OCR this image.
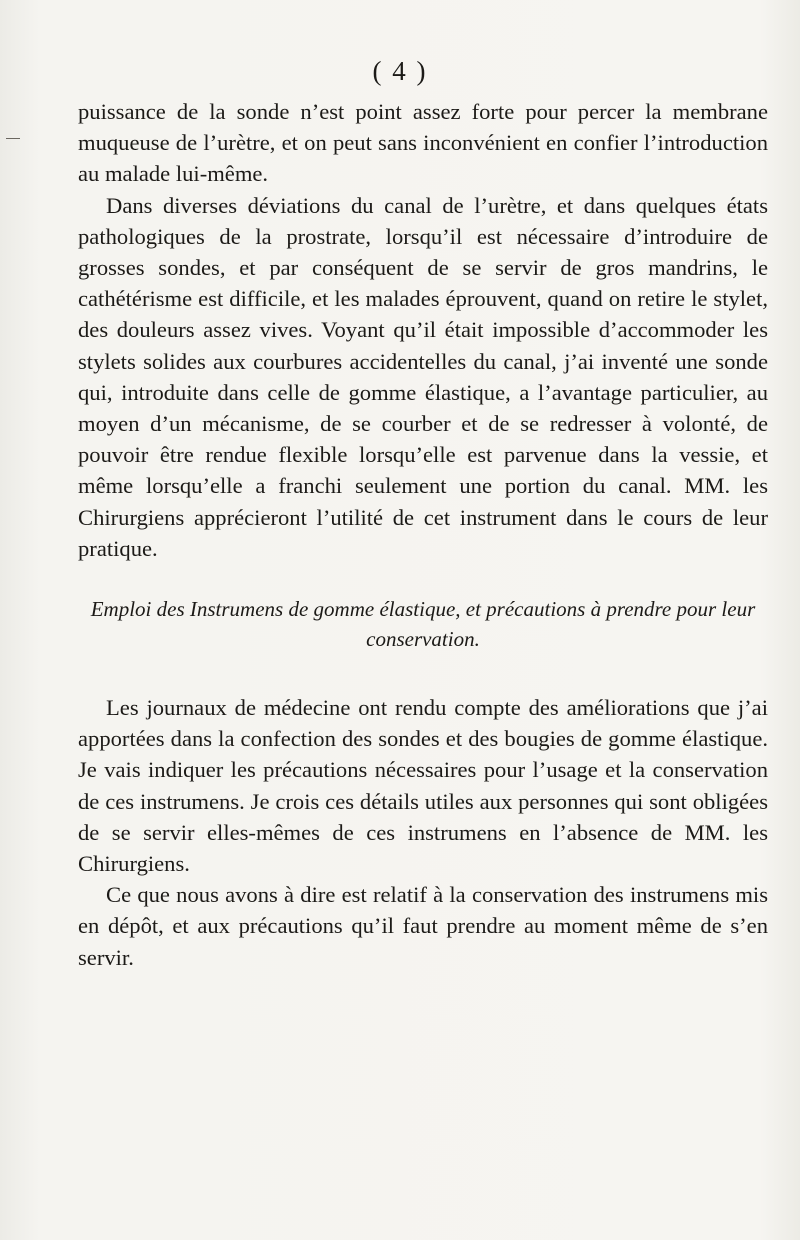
( 4 )

puissance de la sonde n’est point assez forte pour percer la membrane muqueuse de l’urètre, et on peut sans inconvénient en confier l’introduction au malade lui-même.

Dans diverses déviations du canal de l’urètre, et dans quelques états pathologiques de la prostrate, lorsqu’il est nécessaire d’introduire de grosses sondes, et par conséquent de se servir de gros mandrins, le cathétérisme est difficile, et les malades éprouvent, quand on retire le stylet, des douleurs assez vives. Voyant qu’il était impossible d’accommoder les stylets solides aux courbures accidentelles du canal, j’ai inventé une sonde qui, introduite dans celle de gomme élastique, a l’avantage particulier, au moyen d’un mécanisme, de se courber et de se redresser à volonté, de pouvoir être rendue flexible lorsqu’elle est parvenue dans la vessie, et même lorsqu’elle a franchi seulement une portion du canal. MM. les Chirurgiens apprécieront l’utilité de cet instrument dans le cours de leur pratique.

Emploi des Instrumens de gomme élastique, et précautions à prendre pour leur conservation.

Les journaux de médecine ont rendu compte des améliorations que j’ai apportées dans la confection des sondes et des bougies de gomme élastique. Je vais indiquer les précautions nécessaires pour l’usage et la conservation de ces instrumens. Je crois ces détails utiles aux personnes qui sont obligées de se servir elles-mêmes de ces instrumens en l’absence de MM. les Chirurgiens.

Ce que nous avons à dire est relatif à la conservation des instrumens mis en dépôt, et aux précautions qu’il faut prendre au moment même de s’en servir.
